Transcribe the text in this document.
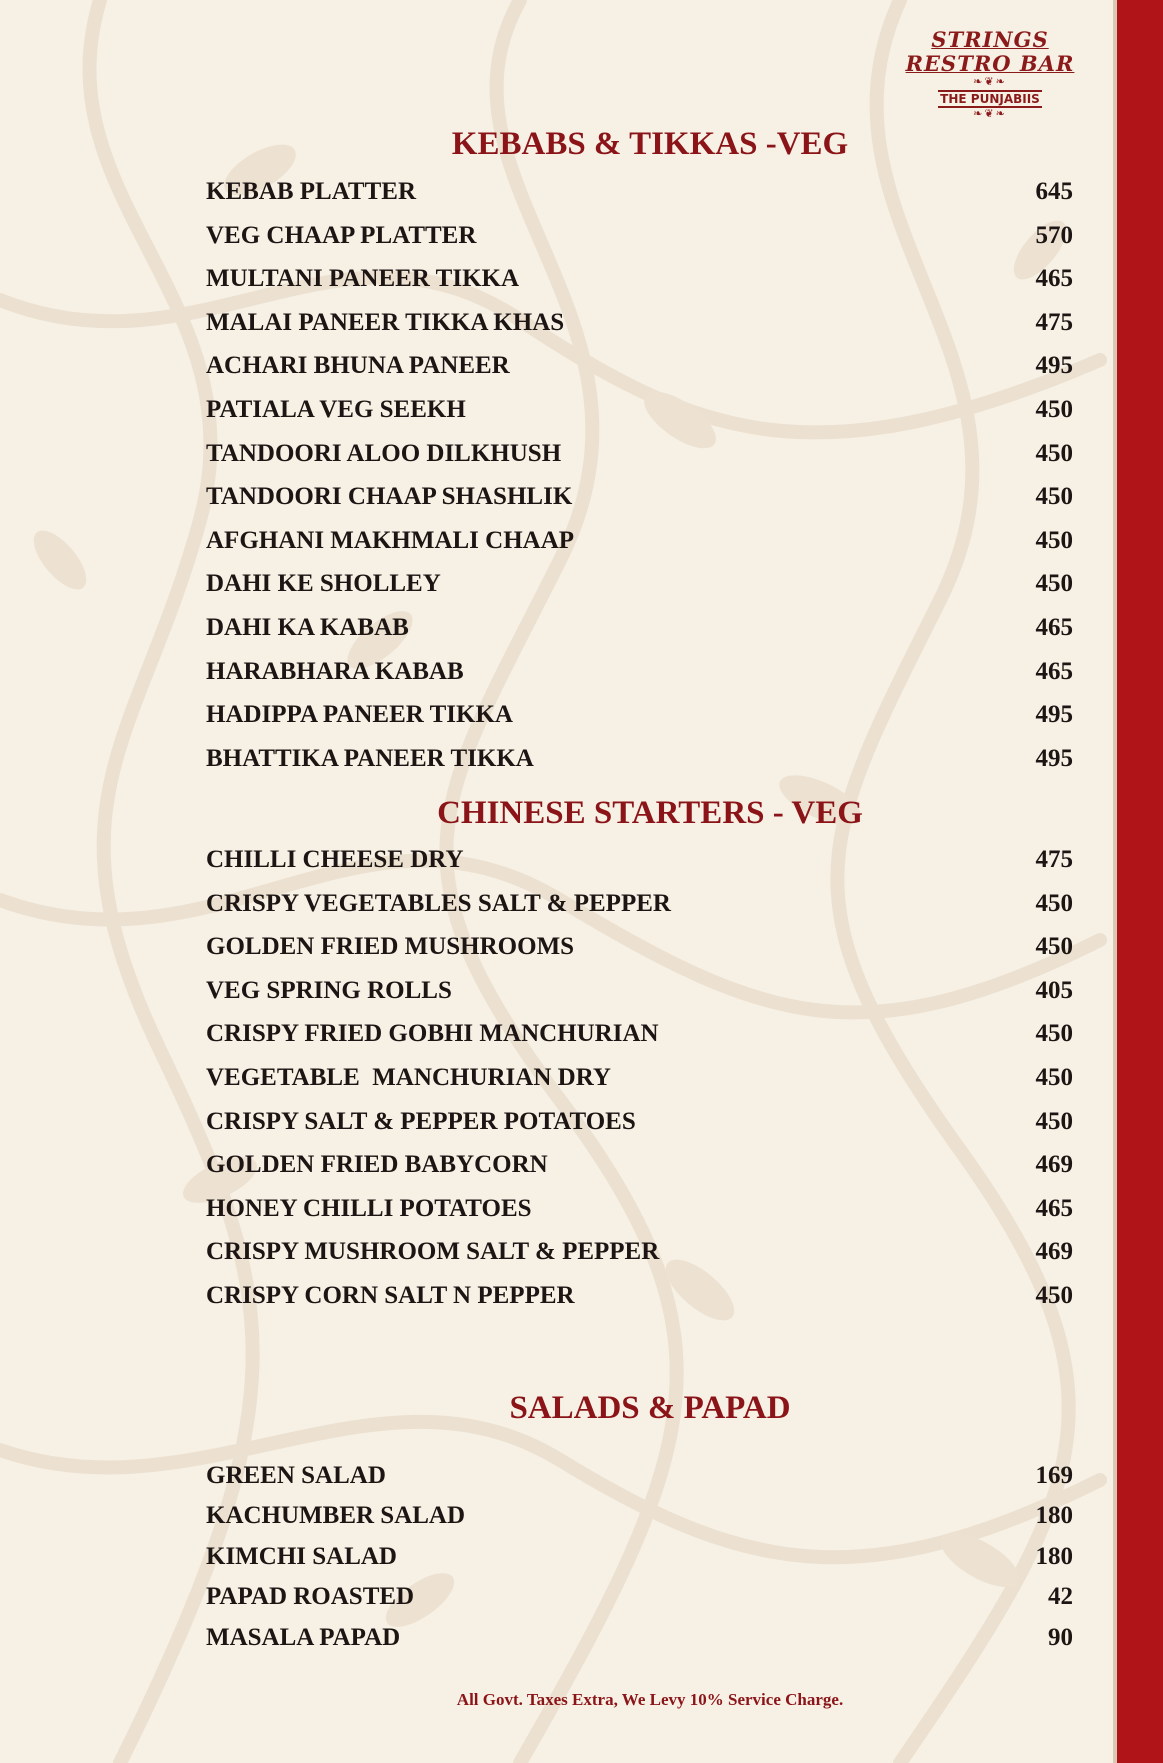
STRINGS
RESTRO BAR
❧❦❧
THE PUNJABIIS
❧❦❧
KEBABS & TIKKAS -VEG
KEBAB PLATTER	645
VEG CHAAP PLATTER	570
MULTANI PANEER TIKKA	465
MALAI PANEER TIKKA KHAS	475
ACHARI BHUNA PANEER	495
PATIALA VEG SEEKH	450
TANDOORI ALOO DILKHUSH	450
TANDOORI CHAAP SHASHLIK	450
AFGHANI MAKHMALI CHAAP	450
DAHI KE SHOLLEY	450
DAHI KA KABAB	465
HARABHARA KABAB	465
HADIPPA PANEER TIKKA	495
BHATTIKA PANEER TIKKA	495
CHINESE STARTERS - VEG
CHILLI CHEESE DRY	475
CRISPY VEGETABLES SALT & PEPPER	450
GOLDEN FRIED MUSHROOMS	450
VEG SPRING ROLLS	405
CRISPY FRIED GOBHI MANCHURIAN	450
VEGETABLE  MANCHURIAN DRY	450
CRISPY SALT & PEPPER POTATOES	450
GOLDEN FRIED BABYCORN	469
HONEY CHILLI POTATOES	465
CRISPY MUSHROOM SALT & PEPPER	469
CRISPY CORN SALT N PEPPER	450
SALADS & PAPAD
GREEN SALAD	169
KACHUMBER SALAD	180
KIMCHI SALAD	180
PAPAD ROASTED	42
MASALA PAPAD	90
All Govt. Taxes Extra, We Levy 10% Service Charge.
